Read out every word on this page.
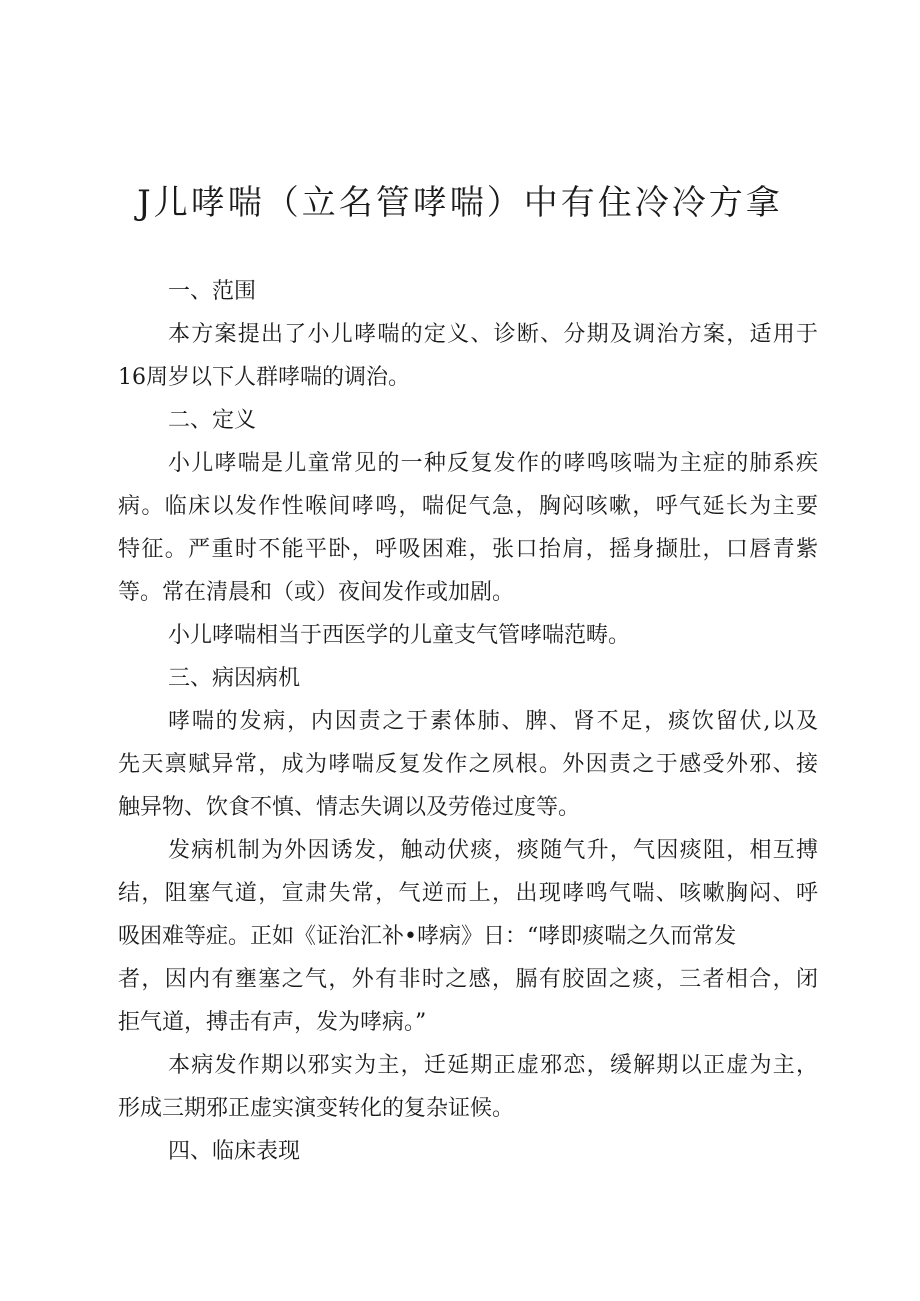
J儿哮喘（立名管哮喘）中有住冷冷方拿

一、范围

本方案提出了小儿哮喘的定义、诊断、分期及调治方案，适用于

16周岁以下人群哮喘的调治。

二、定义

小儿哮喘是儿童常见的一种反复发作的哮鸣咳喘为主症的肺系疾

病。临床以发作性喉间哮鸣，喘促气急，胸闷咳嗽，呼气延长为主要

特征。严重时不能平卧，呼吸困难，张口抬肩，摇身撷肚，口唇青紫

等。常在清晨和（或）夜间发作或加剧。

小儿哮喘相当于西医学的儿童支气管哮喘范畴。

三、病因病机

哮喘的发病，内因责之于素体肺、脾、肾不足，痰饮留伏,以及

先天禀赋异常，成为哮喘反复发作之夙根。外因责之于感受外邪、接

触异物、饮食不慎、情志失调以及劳倦过度等。

发病机制为外因诱发，触动伏痰，痰随气升，气因痰阻，相互搏

结，阻塞气道，宣肃失常，气逆而上，出现哮鸣气喘、咳嗽胸闷、呼

吸困难等症。正如《证治汇补•哮病》日：“哮即痰喘之久而常发

者，因内有壅塞之气，外有非时之感，膈有胶固之痰，三者相合，闭

拒气道，搏击有声，发为哮病。”

本病发作期以邪实为主，迁延期正虚邪恋，缓解期以正虚为主，

形成三期邪正虚实演变转化的复杂证候。

四、临床表现
